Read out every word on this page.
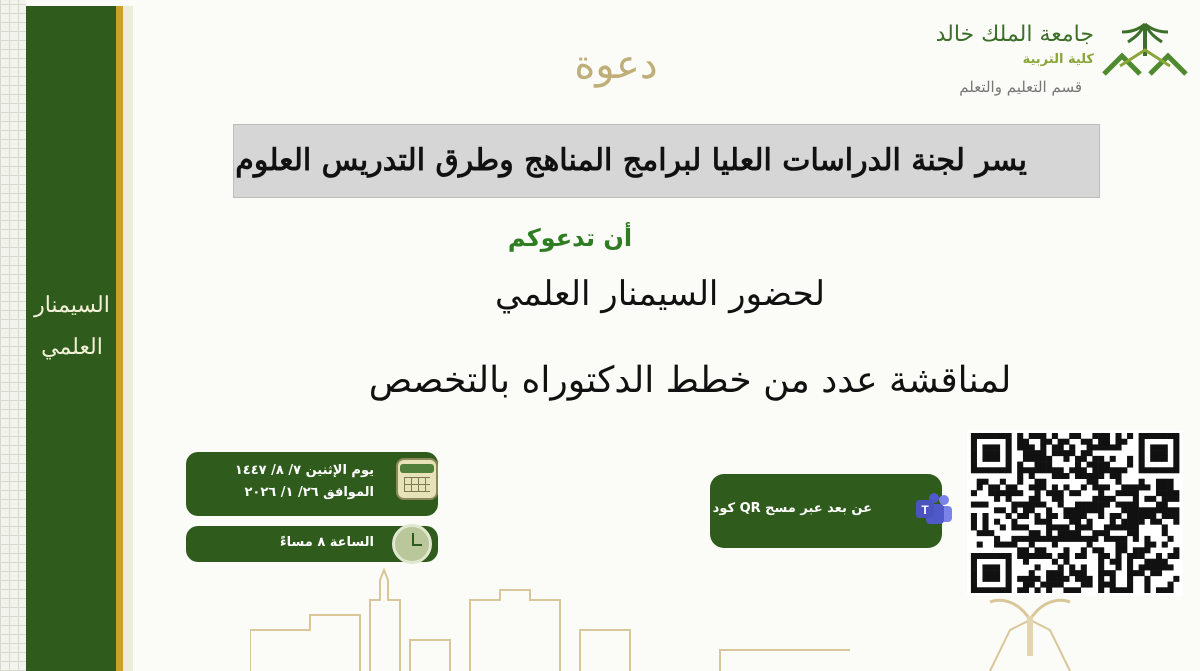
السيمنار
العلمي
دعوة
جامعة الملك خالد
كلية التربية
قسم التعليم والتعلم
يسر لجنة الدراسات العليا لبرامج المناهج وطرق التدريس العلوم
أن تدعوكم
لحضور السيمنار العلمي
لمناقشة عدد من خطط الدكتوراه بالتخصص
يوم الإثنين ٧/ ٨/ ١٤٤٧
الموافق ٢٦/ ١/ ٢٠٢٦
الساعة ٨ مساءً
عن بعد عبر مسح QR كود	T
